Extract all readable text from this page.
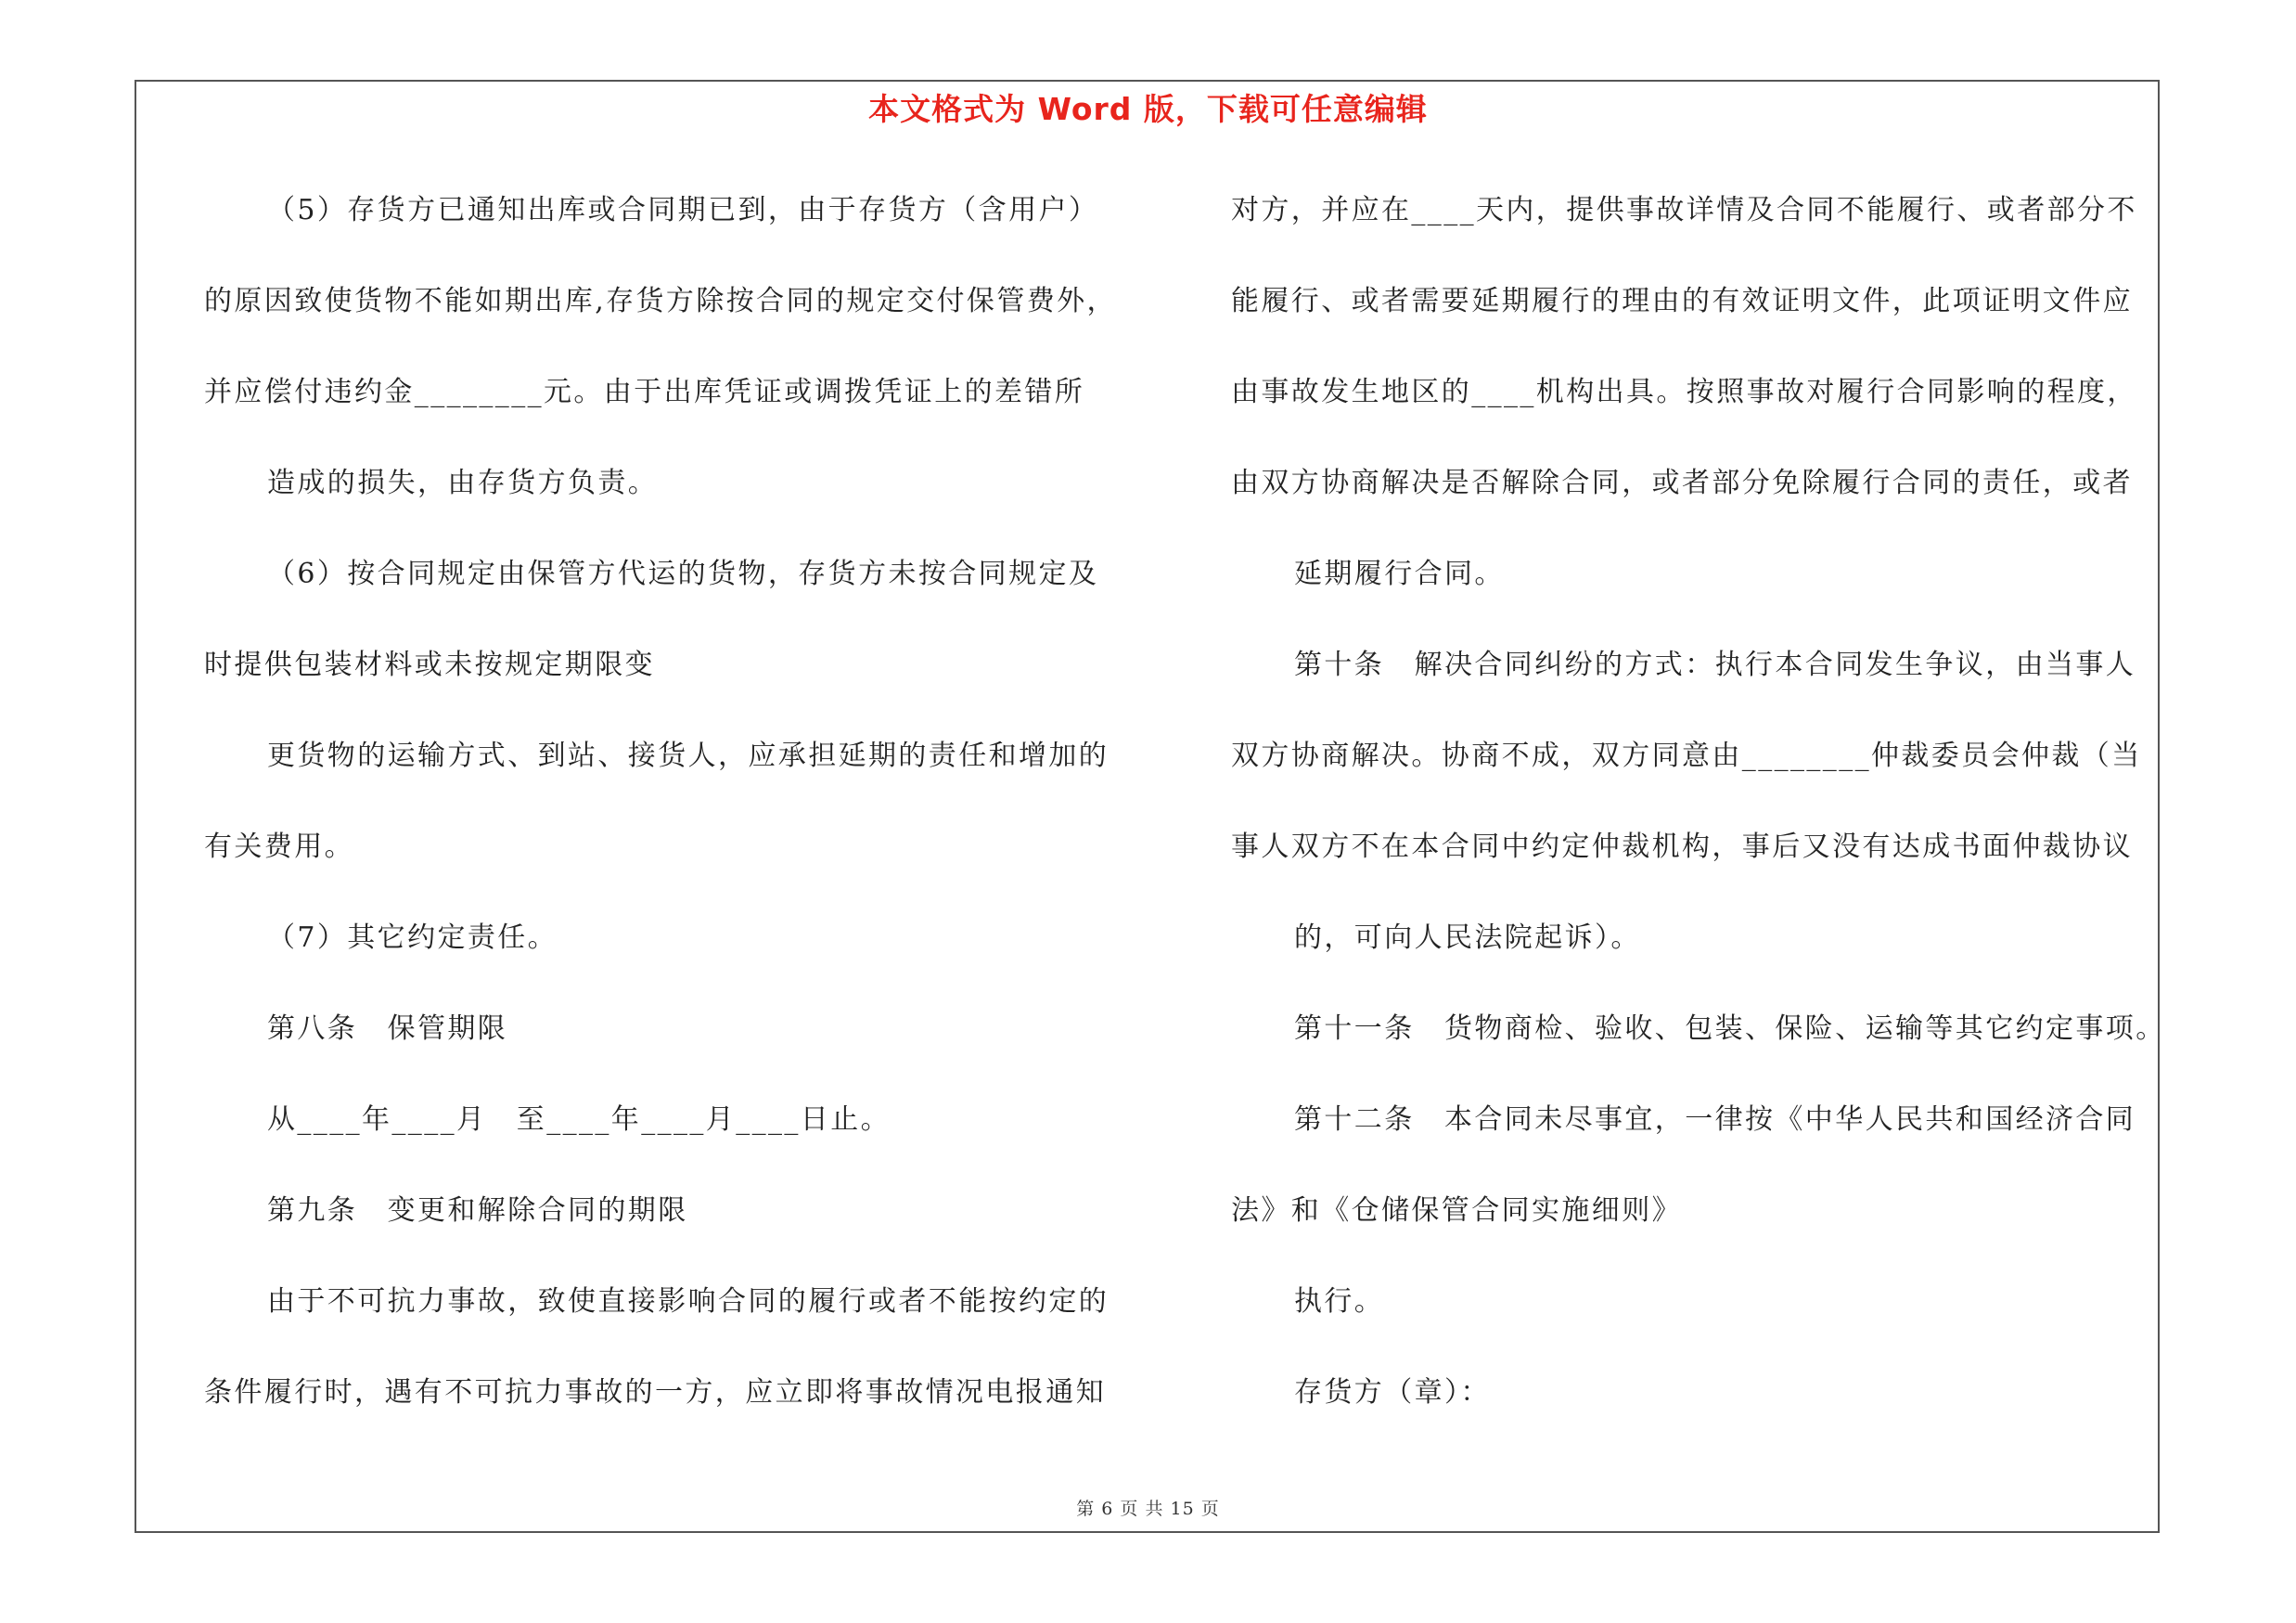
本文格式为 Word 版，下载可任意编辑
（5）存货方已通知出库或合同期已到，由于存货方（含用户）
的原因致使货物不能如期出库,存货方除按合同的规定交付保管费外，
并应偿付违约金________元。由于出库凭证或调拨凭证上的差错所
造成的损失，由存货方负责。
（6）按合同规定由保管方代运的货物，存货方未按合同规定及
时提供包装材料或未按规定期限变
更货物的运输方式、到站、接货人，应承担延期的责任和增加的
有关费用。
（7）其它约定责任。
第八条　保管期限
从____年____月　至____年____月____日止。
第九条　变更和解除合同的期限
由于不可抗力事故，致使直接影响合同的履行或者不能按约定的
条件履行时，遇有不可抗力事故的一方，应立即将事故情况电报通知
对方，并应在____天内，提供事故详情及合同不能履行、或者部分不
能履行、或者需要延期履行的理由的有效证明文件，此项证明文件应
由事故发生地区的____机构出具。按照事故对履行合同影响的程度，
由双方协商解决是否解除合同，或者部分免除履行合同的责任，或者
延期履行合同。
第十条　解决合同纠纷的方式：执行本合同发生争议，由当事人
双方协商解决。协商不成，双方同意由________仲裁委员会仲裁（当
事人双方不在本合同中约定仲裁机构，事后又没有达成书面仲裁协议
的，可向人民法院起诉）。
第十一条　货物商检、验收、包装、保险、运输等其它约定事项。
第十二条　本合同未尽事宜，一律按《中华人民共和国经济合同
法》和《仓储保管合同实施细则》
执行。
存货方（章）：
第 6 页 共 15 页
